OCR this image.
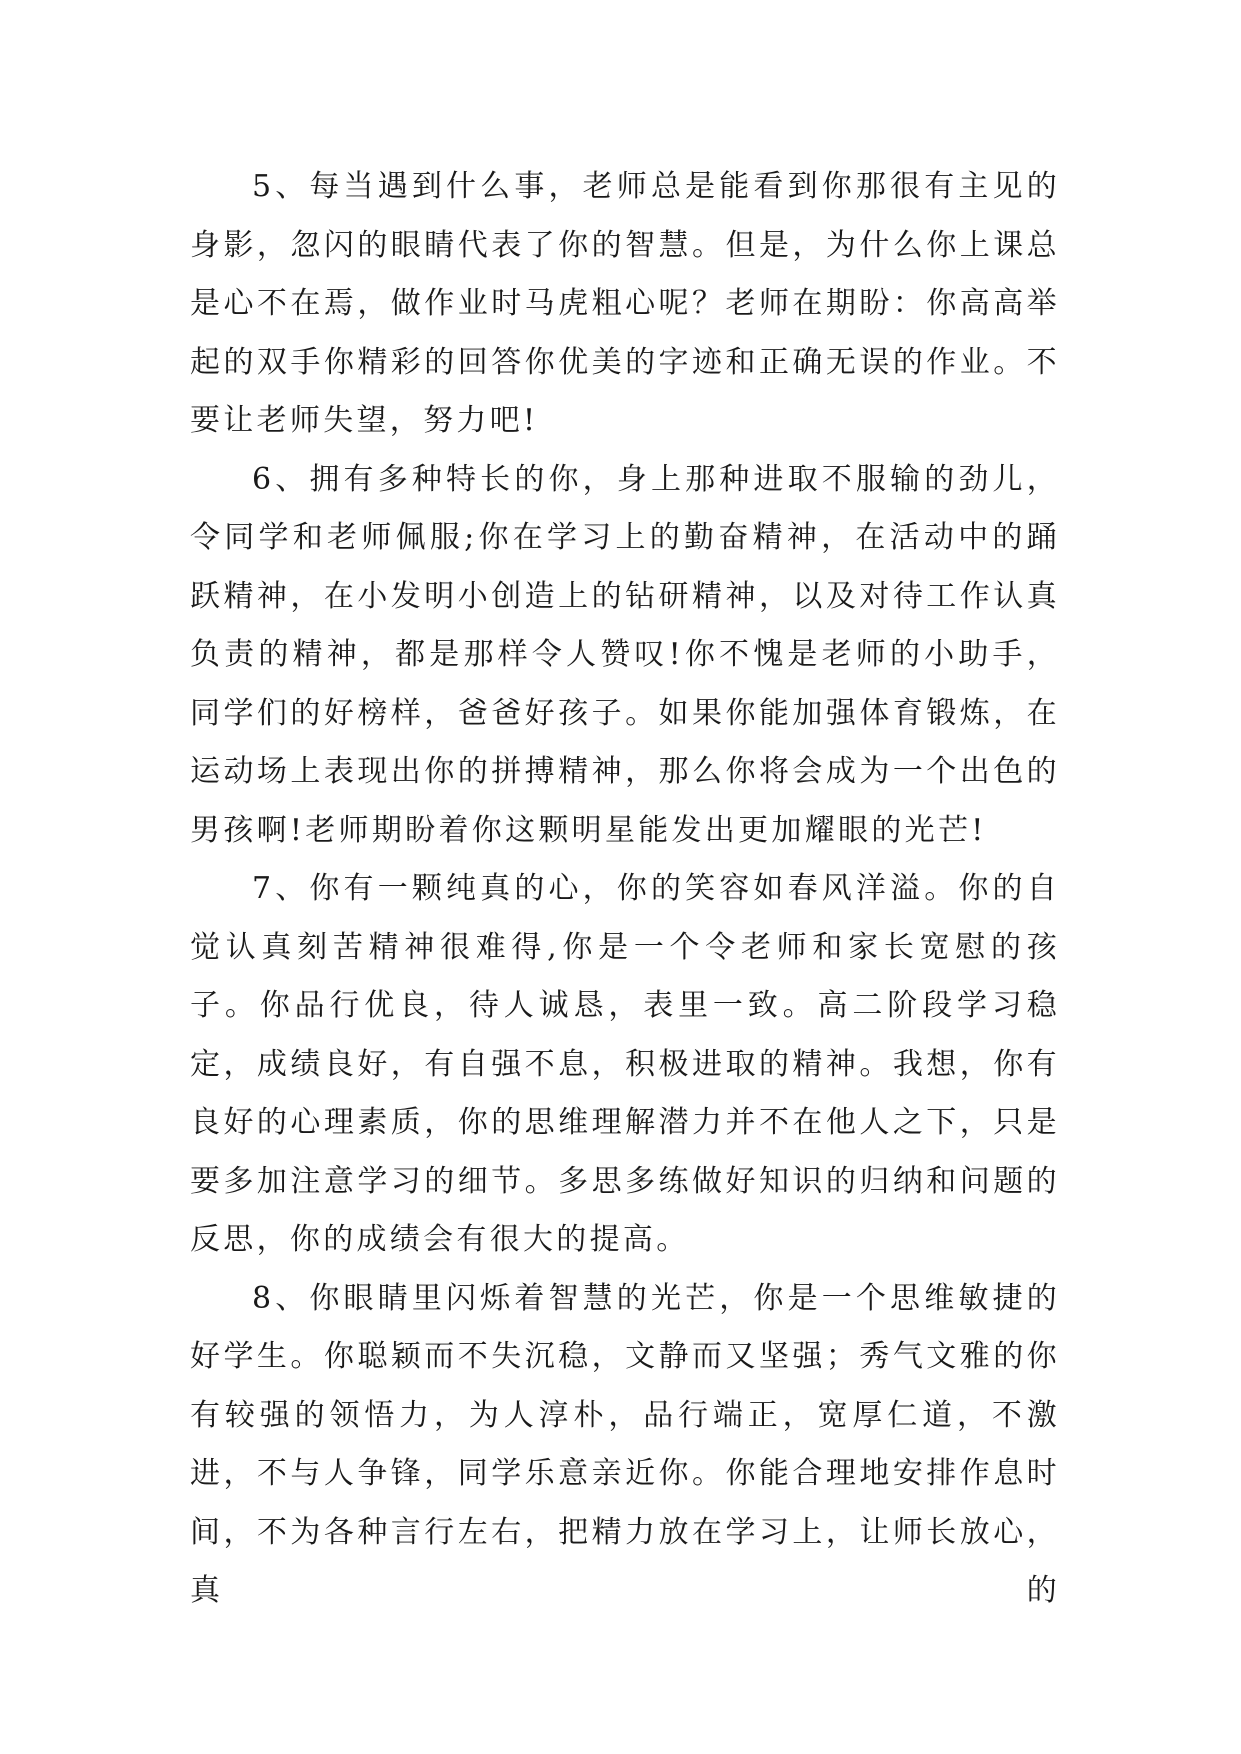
5、每当遇到什么事，老师总是能看到你那很有主见的身影，忽闪的眼睛代表了你的智慧。但是，为什么你上课总是心不在焉，做作业时马虎粗心呢？老师在期盼：你高高举起的双手你精彩的回答你优美的字迹和正确无误的作业。不要让老师失望，努力吧!

6、拥有多种特长的你，身上那种进取不服输的劲儿，令同学和老师佩服;你在学习上的勤奋精神，在活动中的踊跃精神，在小发明小创造上的钻研精神，以及对待工作认真负责的精神，都是那样令人赞叹!你不愧是老师的小助手，同学们的好榜样，爸爸好孩子。如果你能加强体育锻炼，在运动场上表现出你的拼搏精神，那么你将会成为一个出色的男孩啊!老师期盼着你这颗明星能发出更加耀眼的光芒!

7、你有一颗纯真的心，你的笑容如春风洋溢。你的自觉认真刻苦精神很难得,你是一个令老师和家长宽慰的孩子。你品行优良，待人诚恳，表里一致。高二阶段学习稳定，成绩良好，有自强不息，积极进取的精神。我想，你有良好的心理素质，你的思维理解潜力并不在他人之下，只是要多加注意学习的细节。多思多练做好知识的归纳和问题的反思，你的成绩会有很大的提高。

8、你眼睛里闪烁着智慧的光芒，你是一个思维敏捷的好学生。你聪颖而不失沉稳，文静而又坚强；秀气文雅的你有较强的领悟力，为人淳朴，品行端正，宽厚仁道，不激进，不与人争锋，同学乐意亲近你。你能合理地安排作息时间，不为各种言行左右，把精力放在学习上，让师长放心，真的
